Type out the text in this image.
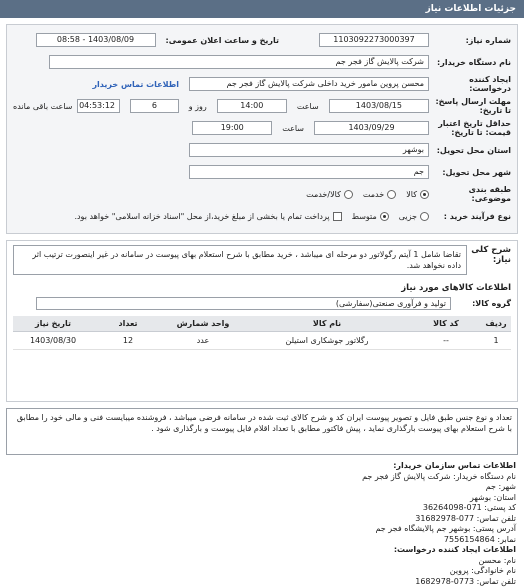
جزئیات اطلاعات نیاز
شماره نیاز:
1103092273000397
تاریخ و ساعت اعلان عمومی:
1403/08/09 - 08:58
نام دستگاه خریدار:
شرکت پالایش گاز فجر جم
ایجاد کننده درخواست:
محسن پروین مامور خرید داخلی شرکت پالایش گاز فجر جم
اطلاعات تماس خریدار
مهلت ارسال پاسخ: تا تاریخ:
1403/08/15
ساعت
14:00
روز و
6
04:53:12
ساعت باقی مانده
حداقل تاریخ اعتبار قیمت: تا تاریخ:
1403/09/29
ساعت
19:00
استان محل تحویل:
بوشهر
شهر محل تحویل:
جم
طبقه بندی موضوعی:
کالا
خدمت
کالا/خدمت
نوع فرآیند خرید :
جزیی
متوسط
پرداخت تمام یا بخشی از مبلغ خرید،از محل "اسناد خزانه اسلامی" خواهد بود.
شرح کلی نیاز:
تقاضا شامل 1 آیتم رگولاتور دو مرحله ای میباشد ، خرید مطابق با شرح استعلام بهای پیوست در سامانه در غیر اینصورت ترتیب اثر داده نخواهد شد.
اطلاعات کالاهای مورد نیاز
گروه کالا:
تولید و فرآوری صنعتی(سفارشی)
ردیف	کد کالا	نام کالا	واحد شمارش	تعداد	تاریخ نیاز
1	--	رگلاتور جوشکاری استیلن	عدد	12	1403/08/30
تعداد و نوع جنس طبق فایل و تصویر پیوست ایران کد و شرح کالای ثبت شده در سامانه فرضی میباشد ، فروشنده میبایست فنی و مالی خود را مطابق با شرح استعلام بهای پیوست بارگذاری نماید ، پیش فاکتور مطابق با تعداد اقلام فایل پیوست و بارگذاری شود .
اطلاعات تماس سازمان خریدار:
نام دستگاه خریدار: شرکت پالایش گاز فجر جم
شهر: جم
استان: بوشهر
کد پستی: 071-36264098
تلفن تماس: 077-31682978
آدرس پستی: بوشهر جم پالایشگاه فجر جم
نمابر: 7556154864
اطلاعات ایجاد کننده درخواست:
نام: محسن
نام خانوادگی: پروین
تلفن تماس: 0773-1682978
